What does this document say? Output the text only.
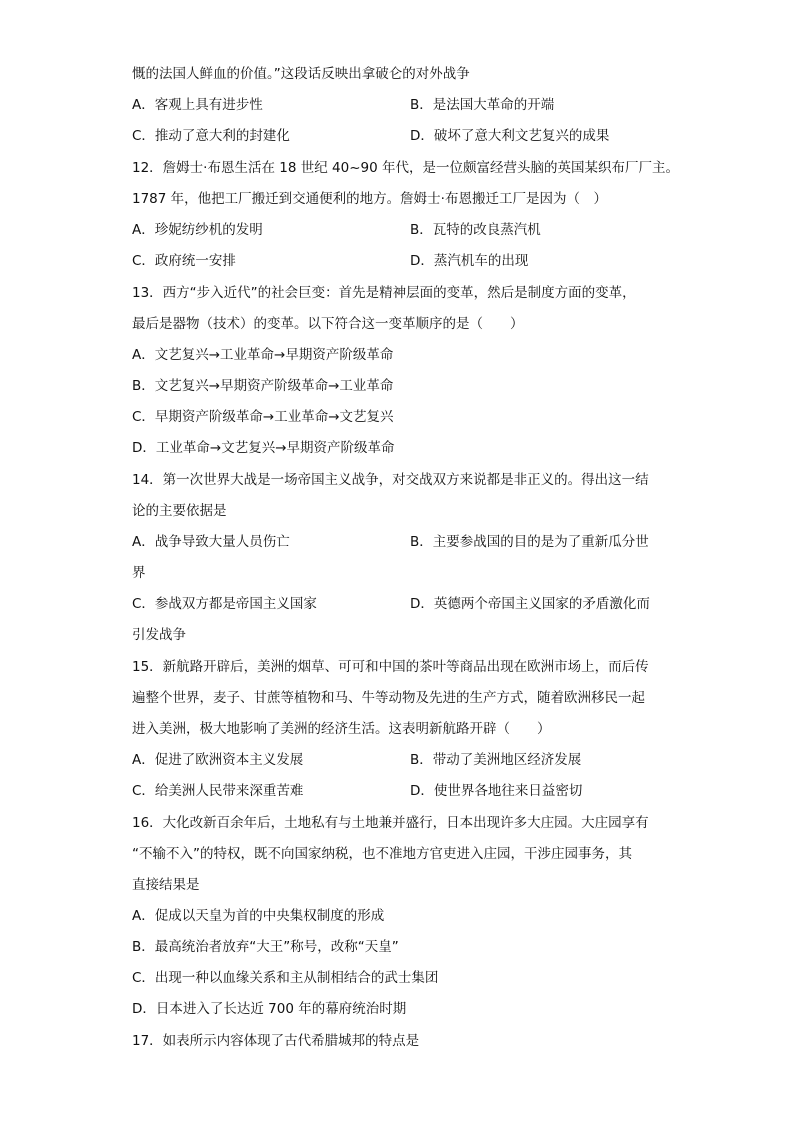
慨的法国人鲜血的价值。”这段话反映出拿破仑的对外战争
A．客观上具有进步性	B．是法国大革命的开端
C．推动了意大利的封建化	D．破坏了意大利文艺复兴的成果
12．詹姆士·布恩生活在 18 世纪 40~90 年代，是一位颇富经营头脑的英国某织布厂厂主。
1787 年，他把工厂搬迁到交通便利的地方。詹姆士·布恩搬迁工厂是因为（　）
A．珍妮纺纱机的发明	B．瓦特的改良蒸汽机
C．政府统一安排	D．蒸汽机车的出现
13．西方“步入近代”的社会巨变：首先是精神层面的变革，然后是制度方面的变革，
最后是器物（技术）的变革。以下符合这一变革顺序的是（　　）
A．文艺复兴→工业革命→早期资产阶级革命
B．文艺复兴→早期资产阶级革命→工业革命
C．早期资产阶级革命→工业革命→文艺复兴
D．工业革命→文艺复兴→早期资产阶级革命
14．第一次世界大战是一场帝国主义战争，对交战双方来说都是非正义的。得出这一结
论的主要依据是
A．战争导致大量人员伤亡	B．主要参战国的目的是为了重新瓜分世
界
C．参战双方都是帝国主义国家	D．英德两个帝国主义国家的矛盾激化而
引发战争
15．新航路开辟后，美洲的烟草、可可和中国的茶叶等商品出现在欧洲市场上，而后传
遍整个世界，麦子、甘蔗等植物和马、牛等动物及先进的生产方式，随着欧洲移民一起
进入美洲，极大地影响了美洲的经济生活。这表明新航路开辟（　　）
A．促进了欧洲资本主义发展	B．带动了美洲地区经济发展
C．给美洲人民带来深重苦难	D．使世界各地往来日益密切
16．大化改新百余年后，土地私有与土地兼并盛行，日本出现许多大庄园。大庄园享有
“不输不入”的特权，既不向国家纳税，也不准地方官吏进入庄园，干涉庄园事务，其
直接结果是
A．促成以天皇为首的中央集权制度的形成
B．最高统治者放弃“大王”称号，改称“天皇”
C．出现一种以血缘关系和主从制相结合的武士集团
D．日本进入了长达近 700 年的幕府统治时期
17．如表所示内容体现了古代希腊城邦的特点是
